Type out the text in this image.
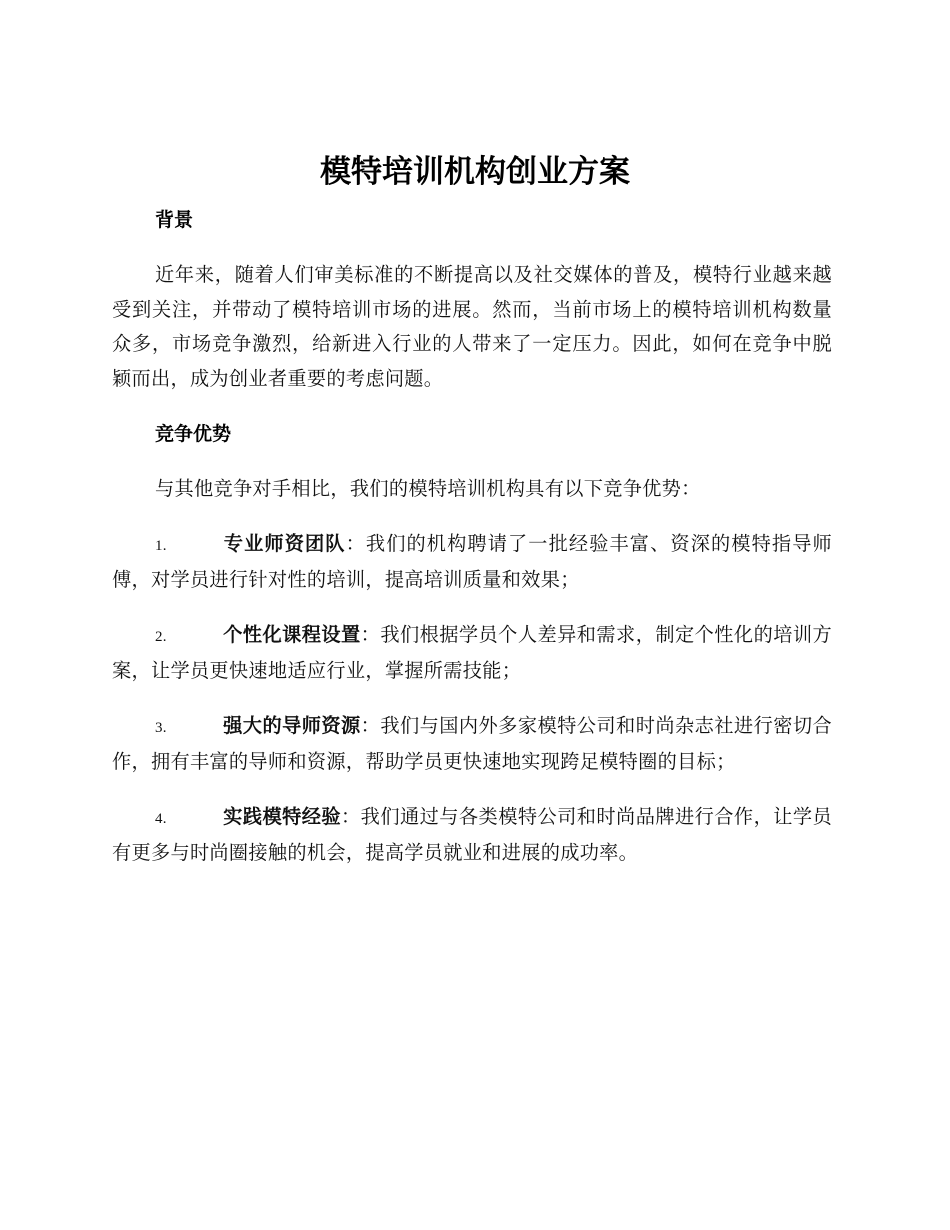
模特培训机构创业方案

背景

近年来，随着人们审美标准的不断提高以及社交媒体的普及，模特行业越来越受到关注，并带动了模特培训市场的进展。然而，当前市场上的模特培训机构数量众多，市场竞争激烈，给新进入行业的人带来了一定压力。因此，如何在竞争中脱颖而出，成为创业者重要的考虑问题。

竞争优势

与其他竞争对手相比，我们的模特培训机构具有以下竞争优势：

1.	专业师资团队：我们的机构聘请了一批经验丰富、资深的模特指导师傅，对学员进行针对性的培训，提高培训质量和效果；

2.	个性化课程设置：我们根据学员个人差异和需求，制定个性化的培训方案，让学员更快速地适应行业，掌握所需技能；

3.	强大的导师资源：我们与国内外多家模特公司和时尚杂志社进行密切合作，拥有丰富的导师和资源，帮助学员更快速地实现跨足模特圈的目标；

4.	实践模特经验：我们通过与各类模特公司和时尚品牌进行合作，让学员有更多与时尚圈接触的机会，提高学员就业和进展的成功率。
